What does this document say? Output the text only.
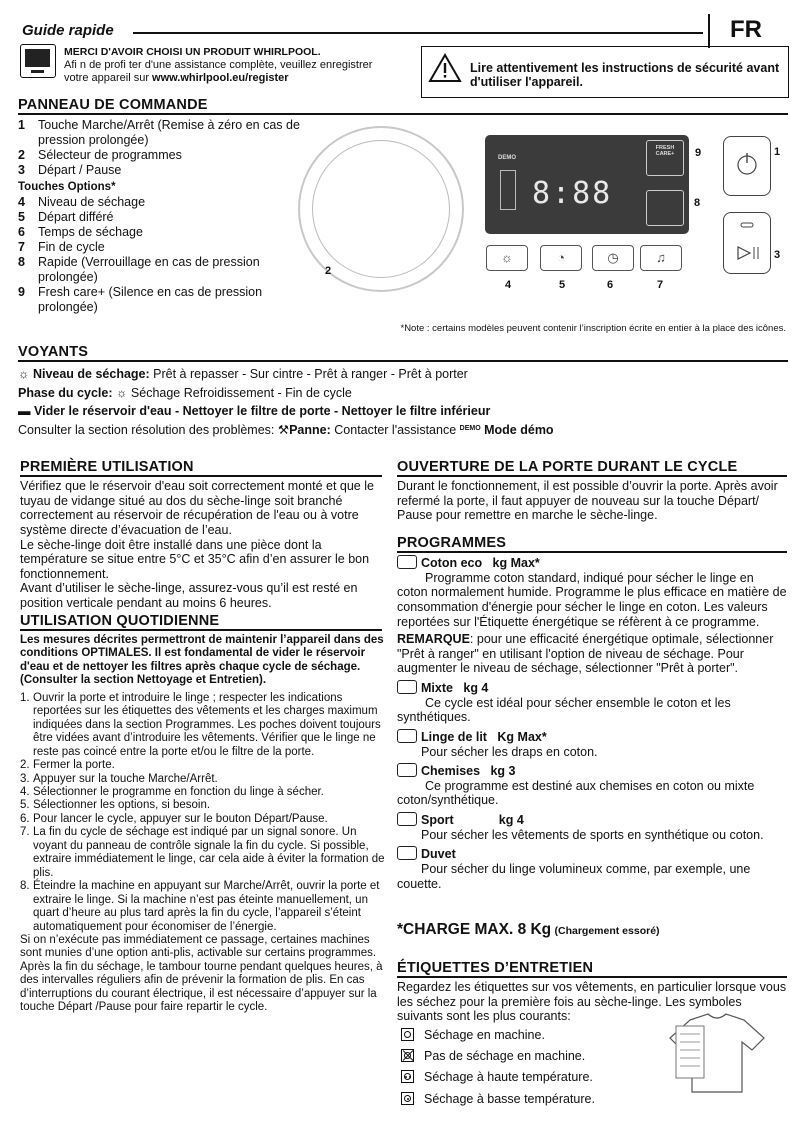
Guide rapide	FR
MERCI D'AVOIR CHOISI UN PRODUIT WHIRLPOOL.
Afi n de profi ter d'une assistance complète, veuillez enregistrer
votre appareil sur www.whirlpool.eu/register
Lire attentivement les instructions de sécurité avant
d'utiliser l'appareil.
PANNEAU DE COMMANDE
1	Touche Marche/Arrêt (Remise à zéro en cas de pression prolongée)
2	Sélecteur de programmes
3	Départ / Pause
Touches Options*
4	Niveau de séchage
5	Départ différé
6	Temps de séchage
7	Fin de cycle
8	Rapide (Verrouillage en cas de pression prolongée)
9	Fresh care+ (Silence en cas de pression prolongée)
2
DEMO
8:88
FRESH CARE+
☼	◔	◷	♫
9
8
1
3
4	5	6	7
*Note : certains modèles peuvent contenir l’inscription écrite en entier à la place des icônes.
VOYANTS
☼ Niveau de séchage: Prêt à repasser - Sur cintre - Prêt à ranger - Prêt à porter
Phase du cycle: ☼ Séchage Refroidissement - Fin de cycle
▬ Vider le réservoir d'eau - Nettoyer le filtre de porte - Nettoyer le filtre inférieur
Consulter la section résolution des problèmes: ⚒Panne: Contacter l'assistance $^{DEMO}$ Mode démo
PREMIÈRE UTILISATION
Vérifiez que le réservoir d'eau soit correctement monté et que le tuyau de vidange situé au dos du sèche-linge soit branché correctement au réservoir de récupération de l'eau ou à votre système directe d’évacuation de l’eau.
Le sèche-linge doit être installé dans une pièce dont la température se situe entre 5°C et 35°C afin d’en assurer le bon fonctionnement.
Avant d’utiliser le sèche-linge, assurez-vous qu’il est resté en position verticale pendant au moins 6 heures.
UTILISATION QUOTIDIENNE
Les mesures décrites permettront de maintenir l’appareil dans des conditions OPTIMALES. Il est fondamental de vider le réservoir d'eau et de nettoyer les filtres après chaque cycle de séchage. (Consulter la section Nettoyage et Entretien).
1. Ouvrir la porte et introduire le linge ; respecter les indications reportées sur les étiquettes des vêtements et les charges maximum indiquées dans la section Programmes. Les poches doivent toujours être vidées avant d’introduire les vêtements. Vérifier que le linge ne reste pas coincé entre la porte et/ou le filtre de la porte.
2. Fermer la porte.
3. Appuyer sur la touche Marche/Arrêt.
4. Sélectionner le programme en fonction du linge à sécher.
5. Sélectionner les options, si besoin.
6. Pour lancer le cycle, appuyer sur le bouton Départ/Pause.
7. La fin du cycle de séchage est indiqué par un signal sonore. Un voyant du panneau de contrôle signale la fin du cycle. Si possible, extraire immédiatement le linge, car cela aide à éviter la formation de plis.
8. Éteindre la machine en appuyant sur Marche/Arrêt, ouvrir la porte et extraire le linge. Si la machine n’est pas éteinte manuellement, un quart d’heure au plus tard après la fin du cycle, l’appareil s’éteint automatiquement pour économiser de l’énergie.
Si on n’exécute pas immédiatement ce passage, certaines machines sont munies d’une option anti-plis, activable sur certains programmes.
Après la fin du séchage, le tambour tourne pendant quelques heures, à des intervalles réguliers afin de prévenir la formation de plis. En cas d’interruptions du courant électrique, il est nécessaire d’appuyer sur la touche Départ /Pause pour faire repartir le cycle.
OUVERTURE DE LA PORTE DURANT LE CYCLE
Durant le fonctionnement, il est possible d’ouvrir la porte. Après avoir refermé la porte, il faut appuyer de nouveau sur la touche Départ/ Pause pour remettre en marche le sèche-linge.
PROGRAMMES
Coton eco kg Max*
Programme coton standard, indiqué pour sécher le linge en coton normalement humide. Programme le plus efficace en matière de consommation d'énergie pour sécher le linge en coton. Les valeurs reportées sur l'Étiquette énergétique se réfèrent à ce programme.
REMARQUE: pour une efficacité énergétique optimale, sélectionner "Prêt à ranger" en utilisant l'option de niveau de séchage. Pour augmenter le niveau de séchage, sélectionner "Prêt à porter".
Mixte kg 4
Ce cycle est idéal pour sécher ensemble le coton et les synthétiques.
Linge de lit Kg Max*
Pour sécher les draps en coton.
Chemises kg 3
Ce programme est destiné aux chemises en coton ou mixte coton/synthétique.
Sport	kg 4
Pour sécher les vêtements de sports en synthétique ou coton.
Duvet
Pour sécher du linge volumineux comme, par exemple, une couette.
*CHARGE MAX. 8 Kg (Chargement essoré)
ÉTIQUETTES D’ENTRETIEN
Regardez les étiquettes sur vos vêtements, en particulier lorsque vous les séchez pour la première fois au sèche-linge. Les symboles suivants sont les plus courants:
Séchage en machine.
Pas de séchage en machine.
Séchage à haute température.
Séchage à basse température.
